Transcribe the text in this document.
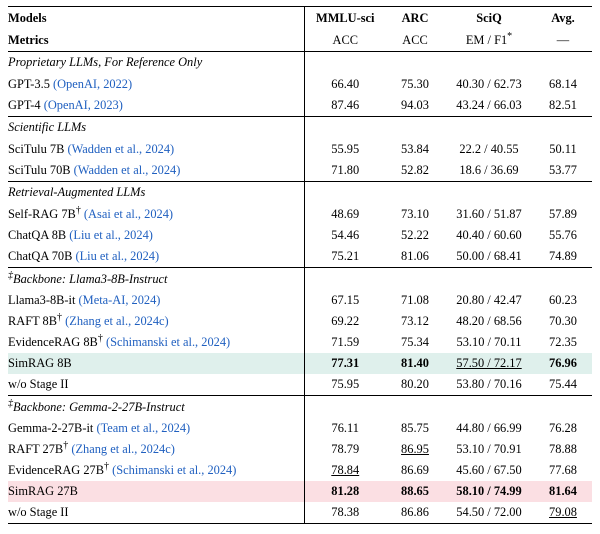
Models	MMLU-sci	ARC	SciQ	Avg.
Metrics	ACC	ACC	EM / F1*	—
Proprietary LLMs, For Reference Only				
GPT-3.5 (OpenAI, 2022)	66.40	75.30	40.30 / 62.73	68.14
GPT-4 (OpenAI, 2023)	87.46	94.03	43.24 / 66.03	82.51
Scientific LLMs				
SciTulu 7B (Wadden et al., 2024)	55.95	53.84	22.2 / 40.55	50.11
SciTulu 70B (Wadden et al., 2024)	71.80	52.82	18.6 / 36.69	53.77
Retrieval-Augmented LLMs				
Self-RAG 7B† (Asai et al., 2024)	48.69	73.10	31.60 / 51.87	57.89
ChatQA 8B (Liu et al., 2024)	54.46	52.22	40.40 / 60.60	55.76
ChatQA 70B (Liu et al., 2024)	75.21	81.06	50.00 / 68.41	74.89
‡Backbone: Llama3-8B-Instruct				
Llama3-8B-it (Meta-AI, 2024)	67.15	71.08	20.80 / 42.47	60.23
RAFT 8B† (Zhang et al., 2024c)	69.22	73.12	48.20 / 68.56	70.30
EvidenceRAG 8B† (Schimanski et al., 2024)	71.59	75.34	53.10 / 70.11	72.35
SimRAG 8B	77.31	81.40	57.50 / 72.17	76.96
w/o Stage II	75.95	80.20	53.80 / 70.16	75.44
‡Backbone: Gemma-2-27B-Instruct				
Gemma-2-27B-it (Team et al., 2024)	76.11	85.75	44.80 / 66.99	76.28
RAFT 27B† (Zhang et al., 2024c)	78.79	86.95	53.10 / 70.91	78.88
EvidenceRAG 27B† (Schimanski et al., 2024)	78.84	86.69	45.60 / 67.50	77.68
SimRAG 27B	81.28	88.65	58.10 / 74.99	81.64
w/o Stage II	78.38	86.86	54.50 / 72.00	79.08
